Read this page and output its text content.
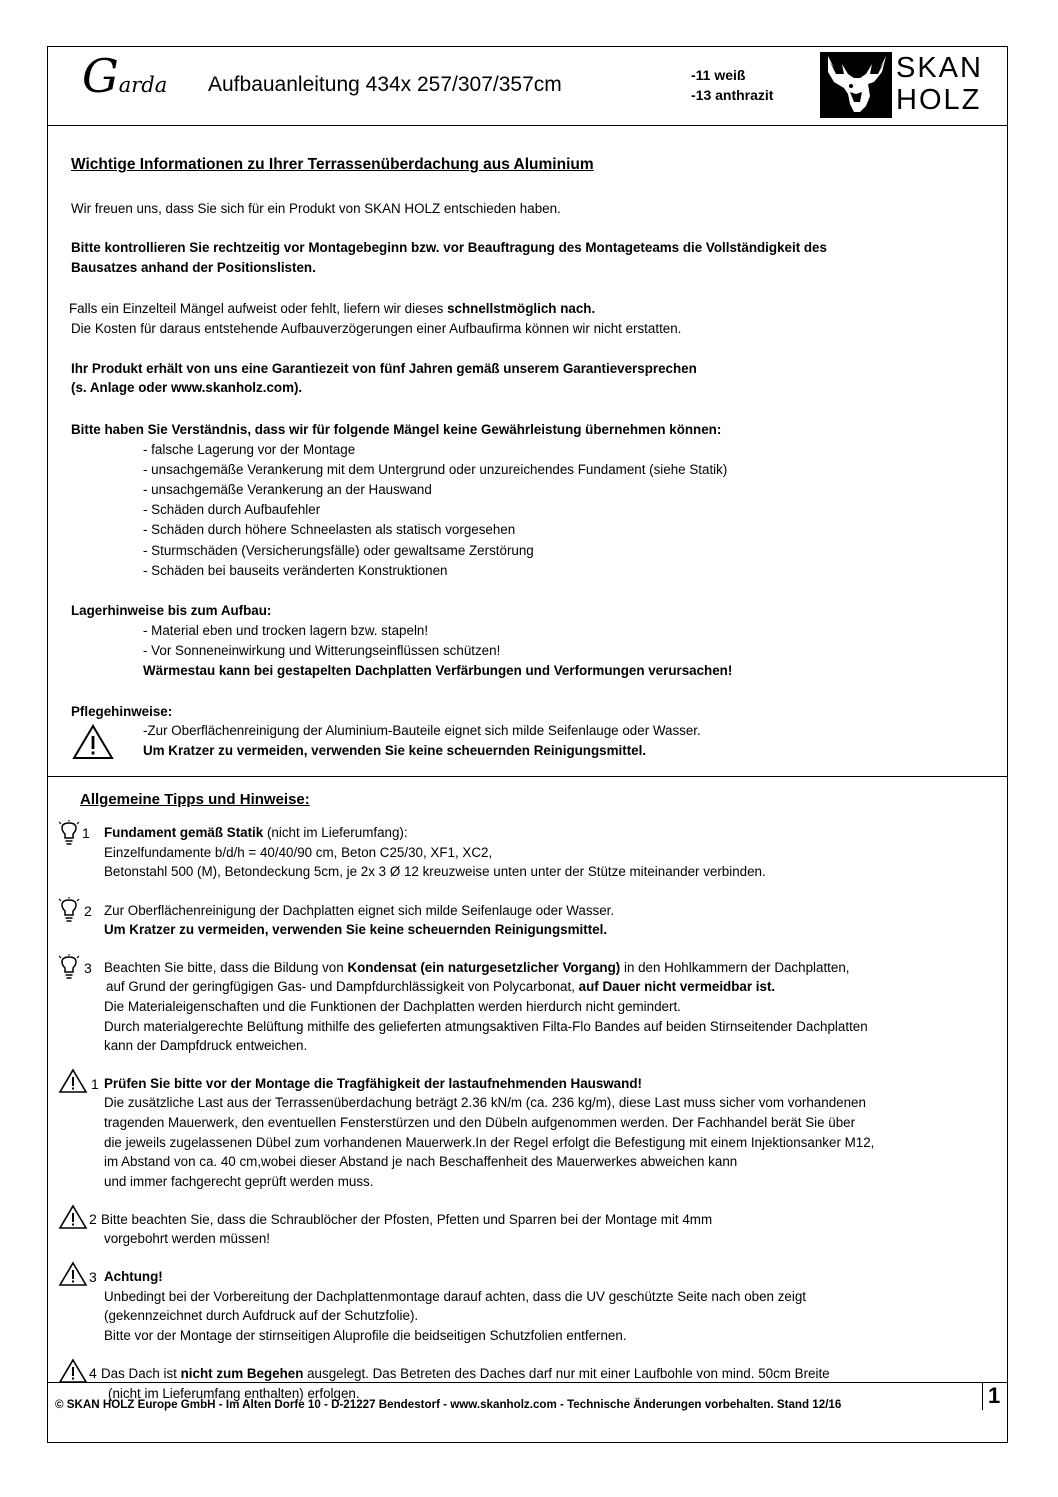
Garda Aufbauanleitung 434x 257/307/357cm	-11 weiß
-13 anthrazit
®
SKAN
HOLZ
Wichtige Informationen zu Ihrer Terrassenüberdachung aus Aluminium
Wir freuen uns, dass Sie sich für ein Produkt von SKAN HOLZ entschieden haben.
Bitte kontrollieren Sie rechtzeitig vor Montagebeginn bzw. vor Beauftragung des Montageteams die Vollständigkeit des
Bausatzes anhand der Positionslisten.
Falls ein Einzelteil Mängel aufweist oder fehlt, liefern wir dieses schnellstmöglich nach.
Die Kosten für daraus entstehende Aufbauverzögerungen einer Aufbaufirma können wir nicht erstatten.
Ihr Produkt erhält von uns eine Garantiezeit von fünf Jahren gemäß unserem Garantieversprechen
(s. Anlage oder www.skanholz.com).
Bitte haben Sie Verständnis, dass wir für folgende Mängel keine Gewährleistung übernehmen können:
- falsche Lagerung vor der Montage
- unsachgemäße Verankerung mit dem Untergrund oder unzureichendes Fundament (siehe Statik)
- unsachgemäße Verankerung an der Hauswand
- Schäden durch Aufbaufehler
- Schäden durch höhere Schneelasten als statisch vorgesehen
- Sturmschäden (Versicherungsfälle) oder gewaltsame Zerstörung
- Schäden bei bauseits veränderten Konstruktionen
Lagerhinweise bis zum Aufbau:
- Material eben und trocken lagern bzw. stapeln!
- Vor Sonneneinwirkung und Witterungseinflüssen schützen!
Wärmestau kann bei gestapelten Dachplatten Verfärbungen und Verformungen verursachen!
Pflegehinweise:
-Zur Oberflächenreinigung der Aluminium-Bauteile eignet sich milde Seifenlauge oder Wasser.
Um Kratzer zu vermeiden, verwenden Sie keine scheuernden Reinigungsmittel.
Allgemeine Tipps und Hinweise:
1 Fundament gemäß Statik (nicht im Lieferumfang):
Einzelfundamente b/d/h = 40/40/90 cm, Beton C25/30, XF1, XC2,
Betonstahl 500 (M), Betondeckung 5cm, je 2x 3 Ø 12 kreuzweise unten unter der Stütze miteinander verbinden.
2 Zur Oberflächenreinigung der Dachplatten eignet sich milde Seifenlauge oder Wasser.
Um Kratzer zu vermeiden, verwenden Sie keine scheuernden Reinigungsmittel.
3 Beachten Sie bitte, dass die Bildung von Kondensat (ein naturgesetzlicher Vorgang) in den Hohlkammern der Dachplatten,
auf Grund der geringfügigen Gas- und Dampfdurchlässigkeit von Polycarbonat, auf Dauer nicht vermeidbar ist.
Die Materialeigenschaften und die Funktionen der Dachplatten werden hierdurch nicht gemindert.
Durch materialgerechte Belüftung mithilfe des gelieferten atmungsaktiven Filta-Flo Bandes auf beiden Stirnseitender Dachplatten
kann der Dampfdruck entweichen.
1 Prüfen Sie bitte vor der Montage die Tragfähigkeit der lastaufnehmenden Hauswand!
Die zusätzliche Last aus der Terrassenüberdachung beträgt 2.36 kN/m (ca. 236 kg/m), diese Last muss sicher vom vorhandenen
tragenden Mauerwerk, den eventuellen Fensterstürzen und den Dübeln aufgenommen werden. Der Fachhandel berät Sie über
die jeweils zugelassenen Dübel zum vorhandenen Mauerwerk.In der Regel erfolgt die Befestigung mit einem Injektionsanker M12,
im Abstand von ca. 40 cm,wobei dieser Abstand je nach Beschaffenheit des Mauerwerkes abweichen kann
und immer fachgerecht geprüft werden muss.
2 Bitte beachten Sie, dass die Schraublöcher der Pfosten, Pfetten und Sparren bei der Montage mit 4mm
vorgebohrt werden müssen!
3 Achtung!
Unbedingt bei der Vorbereitung der Dachplattenmontage darauf achten, dass die UV geschützte Seite nach oben zeigt
(gekennzeichnet durch Aufdruck auf der Schutzfolie).
Bitte vor der Montage der stirnseitigen Aluprofile die beidseitigen Schutzfolien entfernen.
4 Das Dach ist nicht zum Begehen ausgelegt. Das Betreten des Daches darf nur mit einer Laufbohle von mind. 50cm Breite
(nicht im Lieferumfang enthalten) erfolgen.
© SKAN HOLZ Europe GmbH - Im Alten Dorfe 10 - D-21227 Bendestorf - www.skanholz.com - Technische Änderungen vorbehalten. Stand 12/16	1
